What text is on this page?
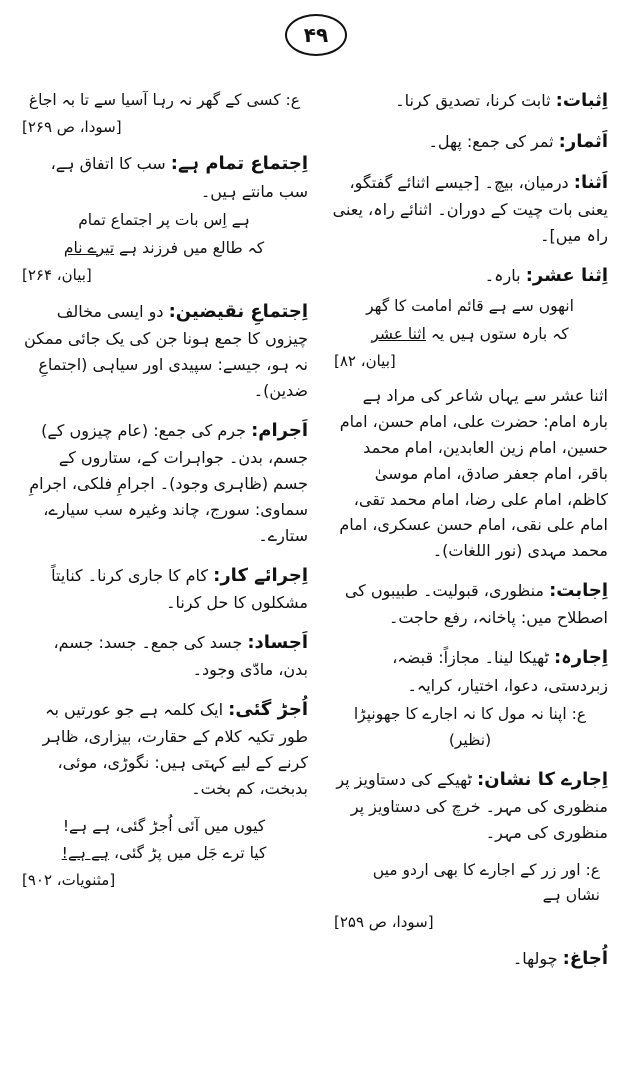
۴۹
اِثبات: ثابت کرنا، تصدیق کرنا۔
اَثمار: ثمر کی جمع: پھل۔
اَثنا: درمیان، بیچ۔ [جیسے اثنائے گفتگو، یعنی بات چیت کے دوران۔ اثنائے راہ، یعنی راہ میں]۔
اِثنا عشر: بارہ۔
انھوں سے ہے قائم امامت کا گھر
کہ بارہ ستوں ہیں یہ اثنا عشر
[بیان، ۸۲]
اثنا عشر سے یہاں شاعر کی مراد ہے بارہ امام: حضرت علی، امام حسن، امام حسین، امام زین العابدین، امام محمد باقر، امام جعفر صادق، امام موسیٰ کاظم، امام علی رضا، امام محمد تقی، امام علی نقی، امام حسن عسکری، امام محمد مہدی (نور اللغات)۔
اِجابت: منظوری، قبولیت۔ طبیبوں کی اصطلاح میں: پاخانہ، رفع حاجت۔
اِجارہ: ٹھیکا لینا۔ مجازاً: قبضہ، زبردستی، دعوا، اختیار، کرایہ۔
ع: اپنا نہ مول کا نہ اجارے کا جھونپڑا (نظیر)
اِجارے کا نشان: ٹھیکے کی دستاویز پر منظوری کی مہر۔ خرچ کی دستاویز پر منظوری کی مہر۔
ع: اور زر کے اجارے کا بھی اردو میں نشاں ہے
[سودا، ص ۲۵۹]
اُجاغ: چولھا۔
ع: کسی کے گھر نہ رہا آسیا سے تا بہ اجاغ
[سودا، ص ۲۶۹]
اِجتماع تمام ہے: سب کا اتفاق ہے، سب مانتے ہیں۔
ہے اِس بات پر اجتماع تمام
کہ طالع میں فرزند ہے تیرے نام
[بیان، ۲۶۴]
اِجتماعِ نقیضین: دو ایسی مخالف چیزوں کا جمع ہونا جن کی یک جائی ممکن نہ ہو، جیسے: سپیدی اور سیاہی (اجتماعِ ضدین)۔
اَجرام: جرم کی جمع: (عام چیزوں کے) جسم، بدن۔ جواہرات کے، ستاروں کے جسم (ظاہری وجود)۔ اجرامِ فلکی، اجرامِ سماوی: سورج، چاند وغیرہ سب سیارے، ستارے۔
اِجرائے کار: کام کا جاری کرنا۔ کنایتاً مشکلوں کا حل کرنا۔
اَجساد: جسد کی جمع۔ جسد: جسم، بدن، مادّی وجود۔
اُجڑ گئی: ایک کلمہ ہے جو عورتیں بہ طور تکیہ کلام کے حقارت، بیزاری، ظاہر کرنے کے لیے کہتی ہیں: نگوڑی، موئی، بدبخت، کم بخت۔
کیوں میں آئی اُجڑ گئی، ہے ہے!
کیا ترے جَل میں پڑ گئی، ہے ہے!
[مثنویات، ۹۰۲]
